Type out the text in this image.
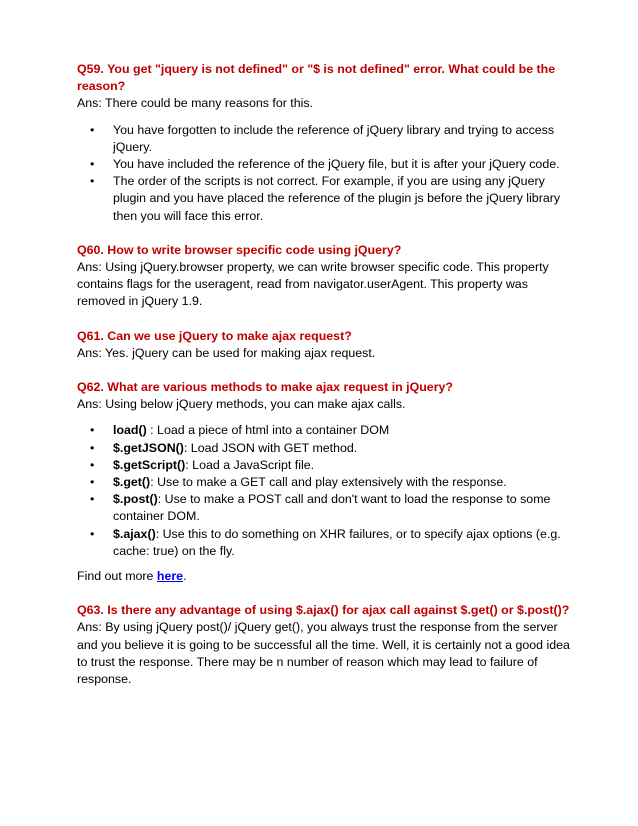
Q59. You get "jquery is not defined" or "$ is not defined" error. What could be the reason?

Ans: There could be many reasons for this.

• You have forgotten to include the reference of jQuery library and trying to access jQuery.
• You have included the reference of the jQuery file, but it is after your jQuery code.
• The order of the scripts is not correct. For example, if you are using any jQuery plugin and you have placed the reference of the plugin js before the jQuery library then you will face this error.

Q60. How to write browser specific code using jQuery?

Ans: Using jQuery.browser property, we can write browser specific code. This property contains flags for the useragent, read from navigator.userAgent. This property was removed in jQuery 1.9.

Q61. Can we use jQuery to make ajax request?

Ans: Yes. jQuery can be used for making ajax request.

Q62. What are various methods to make ajax request in jQuery?

Ans: Using below jQuery methods, you can make ajax calls.

• load() : Load a piece of html into a container DOM
• $.getJSON(): Load JSON with GET method.
• $.getScript(): Load a JavaScript file.
• $.get(): Use to make a GET call and play extensively with the response.
• $.post(): Use to make a POST call and don't want to load the response to some container DOM.
• $.ajax(): Use this to do something on XHR failures, or to specify ajax options (e.g. cache: true) on the fly.

Find out more here.

Q63. Is there any advantage of using $.ajax() for ajax call against $.get() or $.post()?

Ans: By using jQuery post()/ jQuery get(), you always trust the response from the server and you believe it is going to be successful all the time. Well, it is certainly not a good idea to trust the response. There may be n number of reason which may lead to failure of response.
